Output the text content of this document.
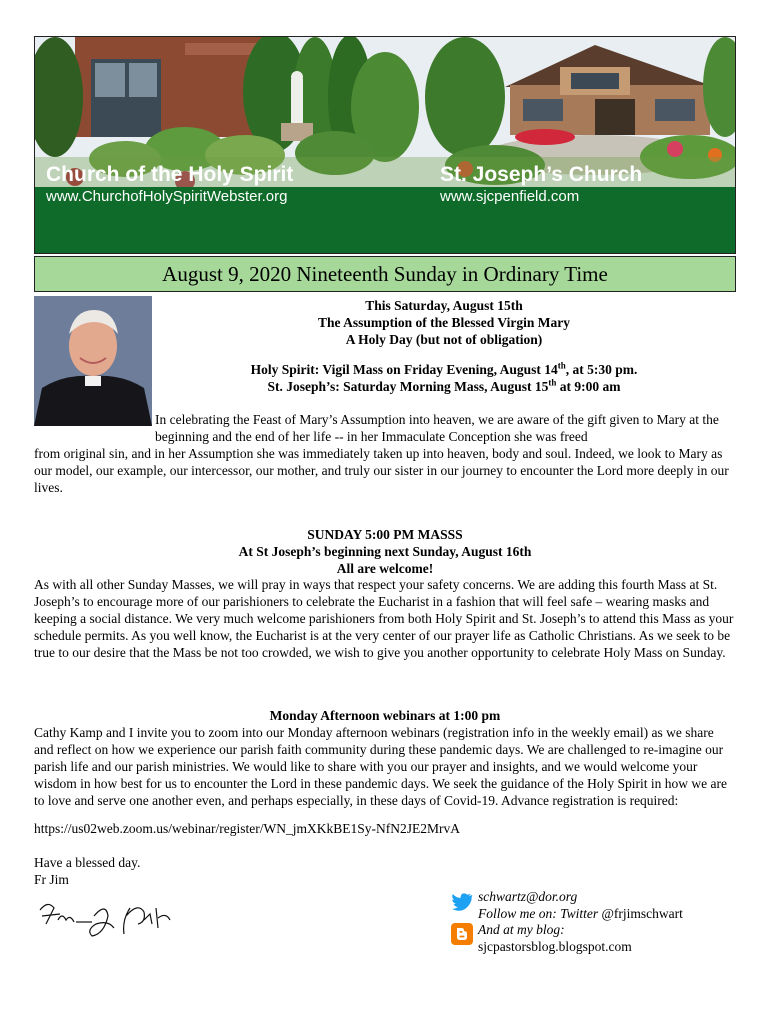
Church of the Holy Spirit
www.ChurchofHolySpiritWebster.org
St. Joseph’s Church
www.sjcpenfield.com
August 9, 2020 Nineteenth Sunday in Ordinary Time
This Saturday, August 15th
The Assumption of the Blessed Virgin Mary
A Holy Day (but not of obligation)
Holy Spirit: Vigil Mass on Friday Evening, August 14th, at 5:30 pm.
St. Joseph’s: Saturday Morning Mass, August 15th at 9:00 am
In celebrating the Feast of Mary’s Assumption into heaven, we are aware of the gift given to Mary at the beginning and the end of her life -- in her Immaculate Conception she was freed
from original sin, and in her Assumption she was immediately taken up into heaven, body and soul. Indeed, we look to Mary as our model, our example, our intercessor, our mother, and truly our sister in our journey to encounter the Lord more deeply in our lives.
SUNDAY 5:00 PM MASSS
At St Joseph’s beginning next Sunday, August 16th
All are welcome!
As with all other Sunday Masses, we will pray in ways that respect your safety concerns. We are adding this fourth Mass at St. Joseph’s to encourage more of our parishioners to celebrate the Eucharist in a fashion that will feel safe – wearing masks and keeping a social distance. We very much welcome parishioners from both Holy Spirit and St. Joseph’s to attend this Mass as your schedule permits. As you well know, the Eucharist is at the very center of our prayer life as Catholic Christians. As we seek to be true to our desire that the Mass be not too crowded, we wish to give you another opportunity to celebrate Holy Mass on Sunday.
Monday Afternoon webinars at 1:00 pm
Cathy Kamp and I invite you to zoom into our Monday afternoon webinars (registration info in the weekly email) as we share and reflect on how we experience our parish faith community during these pandemic days. We are challenged to re-imagine our parish life and our parish ministries. We would like to share with you our prayer and insights, and we would welcome your wisdom in how best for us to encounter the Lord in these pandemic days. We seek the guidance of the Holy Spirit in how we are to love and serve one another even, and perhaps especially, in these days of Covid-19. Advance registration is required:
https://us02web.zoom.us/webinar/register/WN_jmXKkBE1Sy-NfN2JE2MrvA
Have a blessed day.
Fr Jim
schwartz@dor.org
Follow me on: Twitter @frjimschwart
And at my blog:
sjcpastorsblog.blogspot.com
